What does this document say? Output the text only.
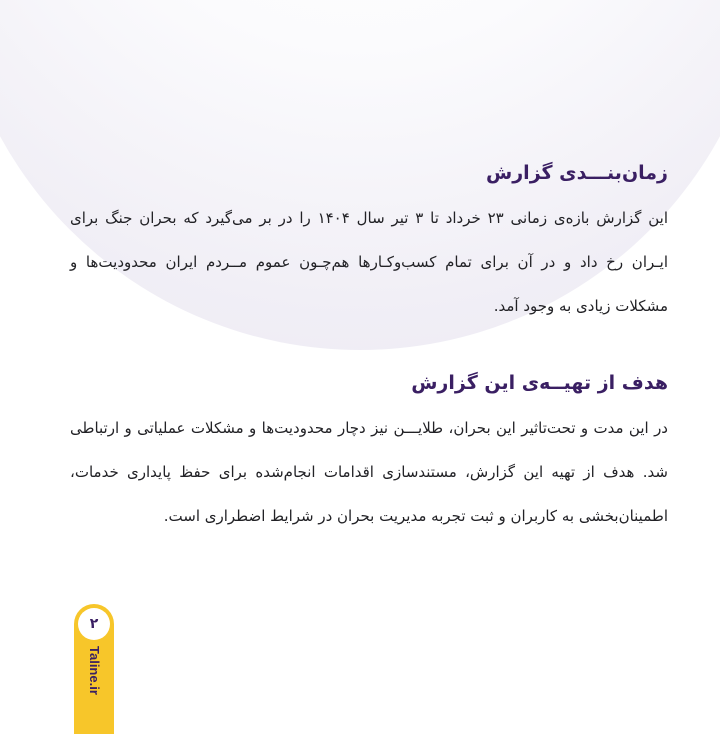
زمان‌بنـــدی گزارش

این گزارش بازه‌ی زمانی ۲۳ خرداد تا ۳ تیر سال ۱۴۰۴ را در بر می‌گیرد که بحران جنگ برای ایـران رخ داد و در آن برای تمام کسب‌وکـارها هم‌چـون عموم مــردم ایران محدودیت‌ها و مشکلات زیادی به وجود آمد.

هدف از تهیــه‌ی این گزارش

در این مدت و تحت‌تاثیر این بحران، طلایـــن نیز دچار محدودیت‌ها و مشکلات عملیاتی و ارتباطی شد. هدف از تهیه این گزارش، مستندسازی اقدامات انجام‌شده برای حفظ پایداری خدمات، اطمینان‌بخشی به کاربران و ثبت تجربه مدیریت بحران در شرایط اضطراری است.

۲
Taline.ir
